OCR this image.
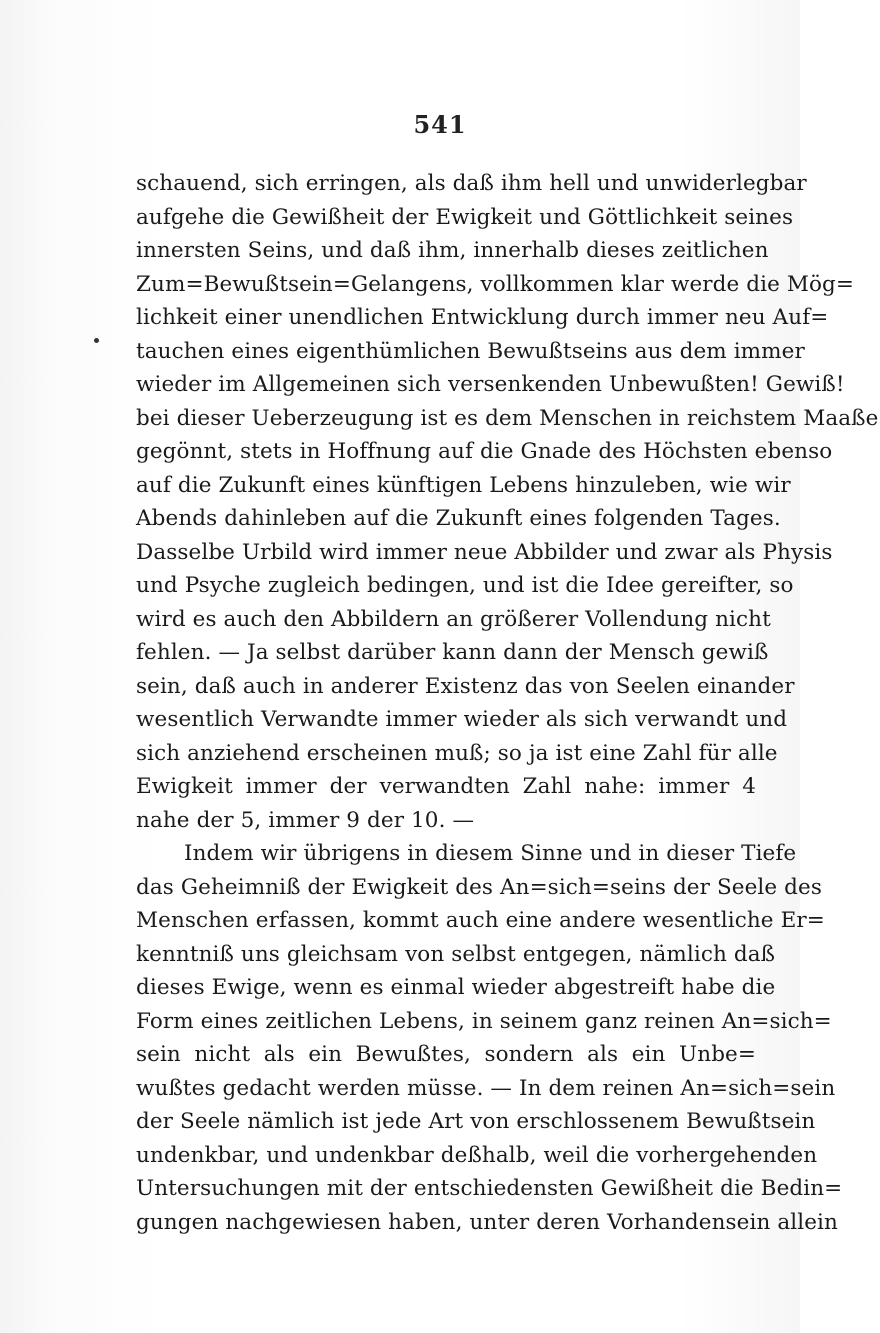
541
schauend, sich erringen, als daß ihm hell und unwiderlegbar
aufgehe die Gewißheit der Ewigkeit und Göttlichkeit seines
innersten Seins, und daß ihm, innerhalb dieses zeitlichen
Zum=Bewußtsein=Gelangens, vollkommen klar werde die Mög=
lichkeit einer unendlichen Entwicklung durch immer neu Auf=
tauchen eines eigenthümlichen Bewußtseins aus dem immer
wieder im Allgemeinen sich versenkenden Unbewußten! Gewiß!
bei dieser Ueberzeugung ist es dem Menschen in reichstem Maaße
gegönnt, stets in Hoffnung auf die Gnade des Höchsten ebenso
auf die Zukunft eines künftigen Lebens hinzuleben, wie wir
Abends dahinleben auf die Zukunft eines folgenden Tages.
Dasselbe Urbild wird immer neue Abbilder und zwar als Physis
und Psyche zugleich bedingen, und ist die Idee gereifter, so
wird es auch den Abbildern an größerer Vollendung nicht
fehlen. — Ja selbst darüber kann dann der Mensch gewiß
sein, daß auch in anderer Existenz das von Seelen einander
wesentlich Verwandte immer wieder als sich verwandt und
sich anziehend erscheinen muß; so ja ist eine Zahl für alle
Ewigkeit immer der verwandten Zahl nahe: immer 4
nahe der 5, immer 9 der 10. —
Indem wir übrigens in diesem Sinne und in dieser Tiefe
das Geheimniß der Ewigkeit des An=sich=seins der Seele des
Menschen erfassen, kommt auch eine andere wesentliche Er=
kenntniß uns gleichsam von selbst entgegen, nämlich daß
dieses Ewige, wenn es einmal wieder abgestreift habe die
Form eines zeitlichen Lebens, in seinem ganz reinen An=sich=
sein nicht als ein Bewußtes, sondern als ein Unbe=
wußtes gedacht werden müsse. — In dem reinen An=sich=sein
der Seele nämlich ist jede Art von erschlossenem Bewußtsein
undenkbar, und undenkbar deßhalb, weil die vorhergehenden
Untersuchungen mit der entschiedensten Gewißheit die Bedin=
gungen nachgewiesen haben, unter deren Vorhandensein allein
